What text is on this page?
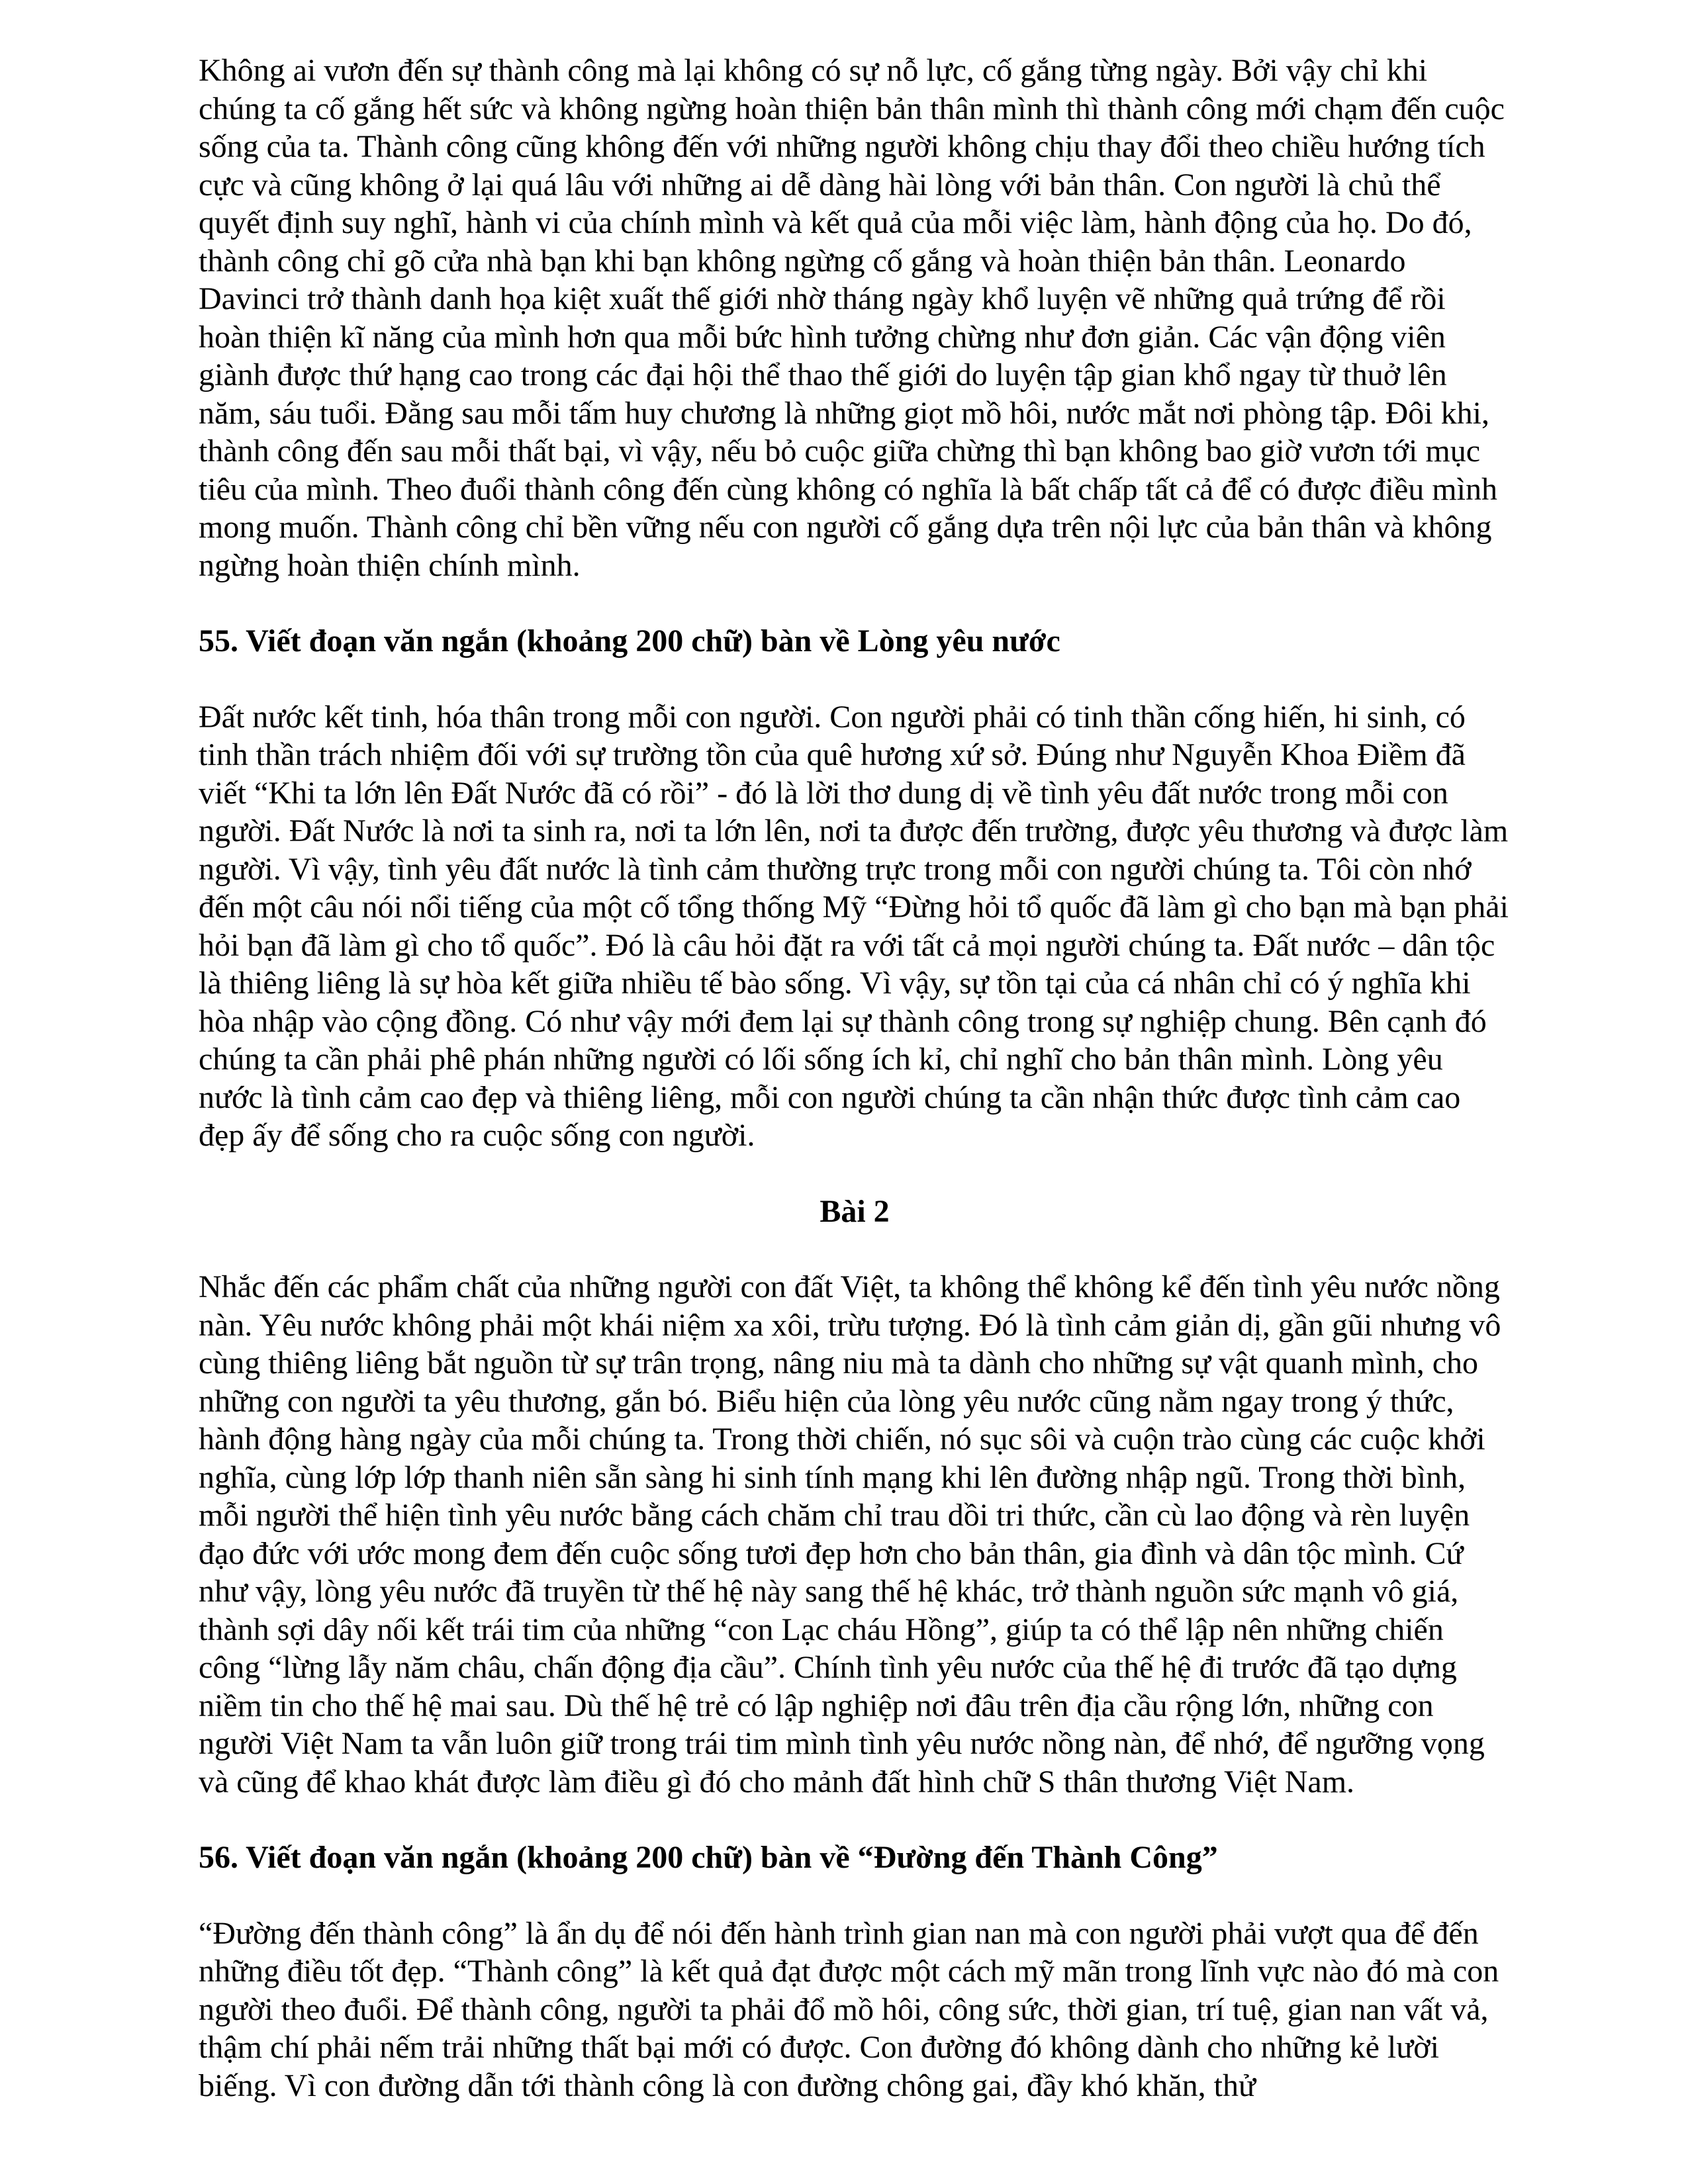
Không ai vươn đến sự thành công mà lại không có sự nỗ lực, cố gắng từng ngày. Bởi vậy chỉ khi chúng ta cố gắng hết sức và không ngừng hoàn thiện bản thân mình thì thành công mới chạm đến cuộc sống của ta. Thành công cũng không đến với những người không chịu thay đổi theo chiều hướng tích cực và cũng không ở lại quá lâu với những ai dễ dàng hài lòng với bản thân. Con người là chủ thể quyết định suy nghĩ, hành vi của chính mình và kết quả của mỗi việc làm, hành động của họ. Do đó, thành công chỉ gõ cửa nhà bạn khi bạn không ngừng cố gắng và hoàn thiện bản thân. Leonardo Davinci trở thành danh họa kiệt xuất thế giới nhờ tháng ngày khổ luyện vẽ những quả trứng để rồi hoàn thiện kĩ năng của mình hơn qua mỗi bức hình tưởng chừng như đơn giản. Các vận động viên giành được thứ hạng cao trong các đại hội thể thao thế giới do luyện tập gian khổ ngay từ thuở lên năm, sáu tuổi. Đằng sau mỗi tấm huy chương là những giọt mồ hôi, nước mắt nơi phòng tập. Đôi khi, thành công đến sau mỗi thất bại, vì vậy, nếu bỏ cuộc giữa chừng thì bạn không bao giờ vươn tới mục tiêu của mình. Theo đuổi thành công đến cùng không có nghĩa là bất chấp tất cả để có được điều mình mong muốn. Thành công chỉ bền vững nếu con người cố gắng dựa trên nội lực của bản thân và không ngừng hoàn thiện chính mình.

55. Viết đoạn văn ngắn (khoảng 200 chữ) bàn về Lòng yêu nước

Đất nước kết tinh, hóa thân trong mỗi con người. Con người phải có tinh thần cống hiến, hi sinh, có tinh thần trách nhiệm đối với sự trường tồn của quê hương xứ sở. Đúng như Nguyễn Khoa Điềm đã viết “Khi ta lớn lên Đất Nước đã có rồi” - đó là lời thơ dung dị về tình yêu đất nước trong mỗi con người. Đất Nước là nơi ta sinh ra, nơi ta lớn lên, nơi ta được đến trường, được yêu thương và được làm người. Vì vậy, tình yêu đất nước là tình cảm thường trực trong mỗi con người chúng ta. Tôi còn nhớ đến một câu nói nổi tiếng của một cố tổng thống Mỹ “Đừng hỏi tổ quốc đã làm gì cho bạn mà bạn phải hỏi bạn đã làm gì cho tổ quốc”. Đó là câu hỏi đặt ra với tất cả mọi người chúng ta. Đất nước – dân tộc là thiêng liêng là sự hòa kết giữa nhiều tế bào sống. Vì vậy, sự tồn tại của cá nhân chỉ có ý nghĩa khi hòa nhập vào cộng đồng. Có như vậy mới đem lại sự thành công trong sự nghiệp chung. Bên cạnh đó chúng ta cần phải phê phán những người có lối sống ích kỉ, chỉ nghĩ cho bản thân mình. Lòng yêu nước là tình cảm cao đẹp và thiêng liêng, mỗi con người chúng ta cần nhận thức được tình cảm cao đẹp ấy để sống cho ra cuộc sống con người.

Bài 2

Nhắc đến các phẩm chất của những người con đất Việt, ta không thể không kể đến tình yêu nước nồng nàn. Yêu nước không phải một khái niệm xa xôi, trừu tượng. Đó là tình cảm giản dị, gần gũi nhưng vô cùng thiêng liêng bắt nguồn từ sự trân trọng, nâng niu mà ta dành cho những sự vật quanh mình, cho những con người ta yêu thương, gắn bó. Biểu hiện của lòng yêu nước cũng nằm ngay trong ý thức, hành động hàng ngày của mỗi chúng ta. Trong thời chiến, nó sục sôi và cuộn trào cùng các cuộc khởi nghĩa, cùng lớp lớp thanh niên sẵn sàng hi sinh tính mạng khi lên đường nhập ngũ. Trong thời bình, mỗi người thể hiện tình yêu nước bằng cách chăm chỉ trau dồi tri thức, cần cù lao động và rèn luyện đạo đức với ước mong đem đến cuộc sống tươi đẹp hơn cho bản thân, gia đình và dân tộc mình. Cứ như vậy, lòng yêu nước đã truyền từ thế hệ này sang thế hệ khác, trở thành nguồn sức mạnh vô giá, thành sợi dây nối kết trái tim của những “con Lạc cháu Hồng”, giúp ta có thể lập nên những chiến công “lừng lẫy năm châu, chấn động địa cầu”. Chính tình yêu nước của thế hệ đi trước đã tạo dựng niềm tin cho thế hệ mai sau. Dù thế hệ trẻ có lập nghiệp nơi đâu trên địa cầu rộng lớn, những con người Việt Nam ta vẫn luôn giữ trong trái tim mình tình yêu nước nồng nàn, để nhớ, để ngưỡng vọng và cũng để khao khát được làm điều gì đó cho mảnh đất hình chữ S thân thương Việt Nam.

56. Viết đoạn văn ngắn (khoảng 200 chữ) bàn về “Đường đến Thành Công”

“Đường đến thành công” là ẩn dụ để nói đến hành trình gian nan mà con người phải vượt qua để đến những điều tốt đẹp. “Thành công” là kết quả đạt được một cách mỹ mãn trong lĩnh vực nào đó mà con người theo đuổi. Để thành công, người ta phải đổ mồ hôi, công sức, thời gian, trí tuệ, gian nan vất vả, thậm chí phải nếm trải những thất bại mới có được. Con đường đó không dành cho những kẻ lười biếng. Vì con đường dẫn tới thành công là con đường chông gai, đầy khó khăn, thử
